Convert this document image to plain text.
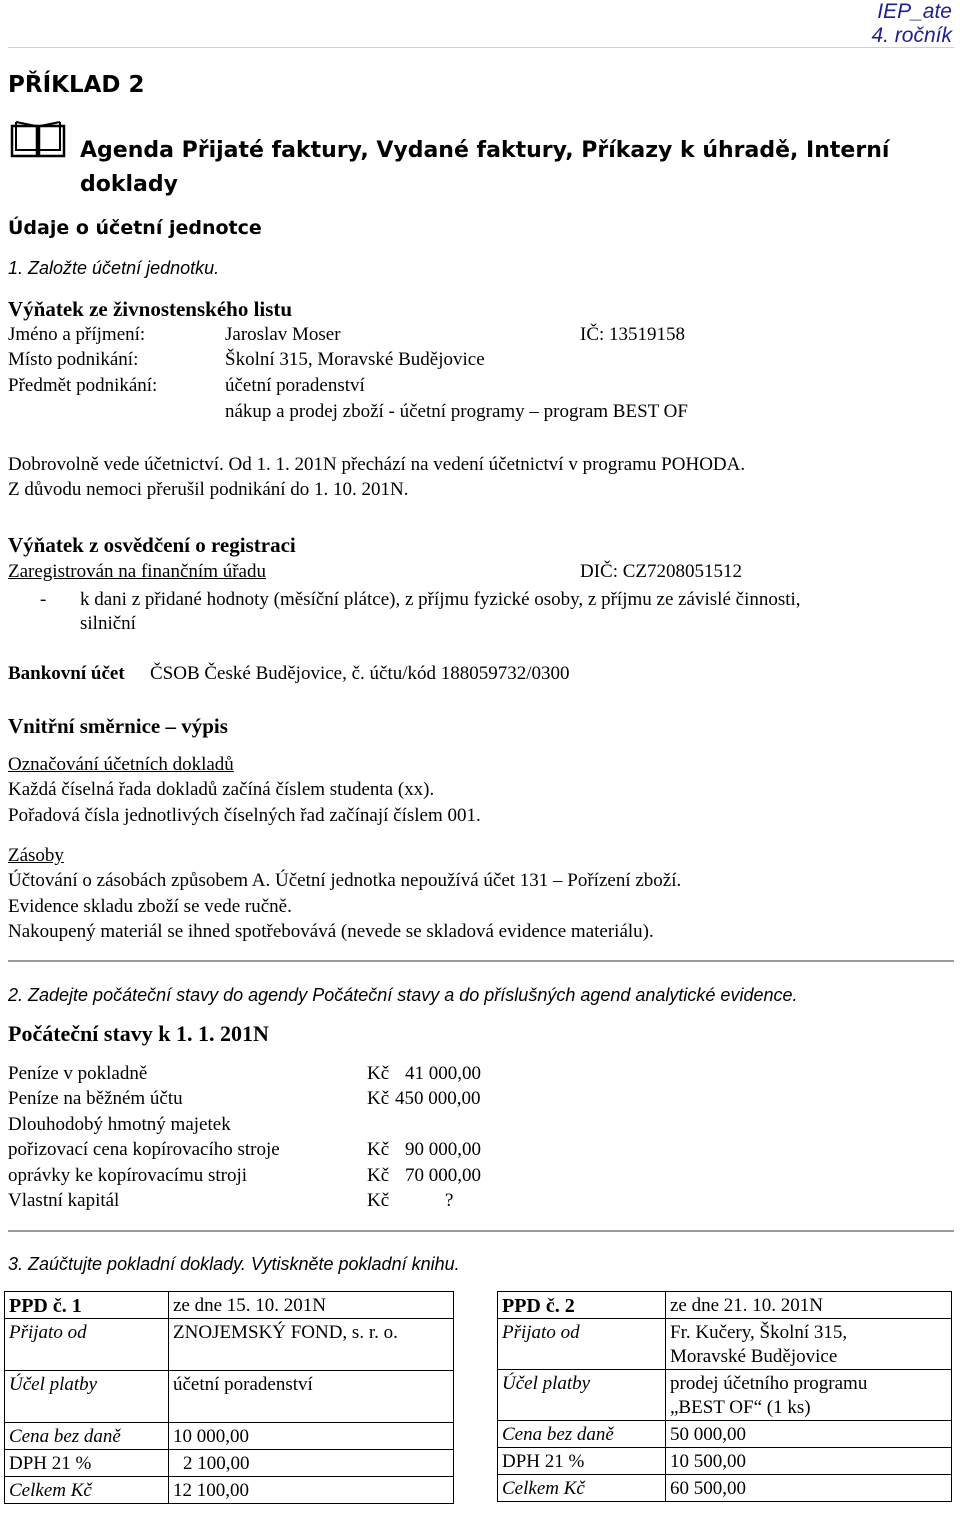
IEP_ate
4. ročník
PŘÍKLAD 2
Agenda Přijaté faktury, Vydané faktury, Příkazy k úhradě, Interní
doklady
Údaje o účetní jednotce
1. Založte účetní jednotku.
Výňatek ze živnostenského listu
Jméno a příjmení:	Jaroslav Moser	IČ: 13519158
Místo podnikání:	Školní 315, Moravské Budějovice
Předmět podnikání:	účetní poradenství
nákup a prodej zboží - účetní programy – program BEST OF
Dobrovolně vede účetnictví. Od 1. 1. 201N přechází na vedení účetnictví v programu POHODA.
Z důvodu nemoci přerušil podnikání do 1. 10. 201N.
Výňatek z osvědčení o registraci
Zaregistrován na finančním úřadu	DIČ: CZ7208051512
- k dani z přidané hodnoty (měsíční plátce), z příjmu fyzické osoby, z příjmu ze závislé činnosti,
silniční
Bankovní účet ČSOB České Budějovice, č. účtu/kód 188059732/0300
Vnitřní směrnice – výpis
Označování účetních dokladů
Každá číselná řada dokladů začíná číslem studenta (xx).
Pořadová čísla jednotlivých číselných řad začínají číslem 001.
Zásoby
Účtování o zásobách způsobem A. Účetní jednotka nepoužívá účet 131 – Pořízení zboží.
Evidence skladu zboží se vede ručně.
Nakoupený materiál se ihned spotřebovává (nevede se skladová evidence materiálu).
2. Zadejte počáteční stavy do agendy Počáteční stavy a do příslušných agend analytické evidence.
Počáteční stavy k 1. 1. 201N
Peníze v pokladně	Kč 41 000,00
Peníze na běžném účtu	Kč 450 000,00
Dlouhodobý hmotný majetek
pořizovací cena kopírovacího stroje	Kč 90 000,00
oprávky ke kopírovacímu stroji	Kč 70 000,00
Vlastní kapitál	Kč	?
3. Zaúčtujte pokladní doklady. Vytiskněte pokladní knihu.
PPD č. 1	ze dne 15. 10. 201N
Přijato od	ZNOJEMSKÝ FOND, s. r. o.
Účel platby	účetní poradenství
Cena bez daně	10 000,00
DPH 21 %	2 100,00
Celkem Kč	12 100,00
PPD č. 2	ze dne 21. 10. 201N
Přijato od	Fr. Kučery, Školní 315,
Moravské Budějovice

Účel platby	prodej účetního programu
„BEST OF“ (1 ks)

Cena bez daně	50 000,00
DPH 21 %	10 500,00
Celkem Kč	60 500,00
